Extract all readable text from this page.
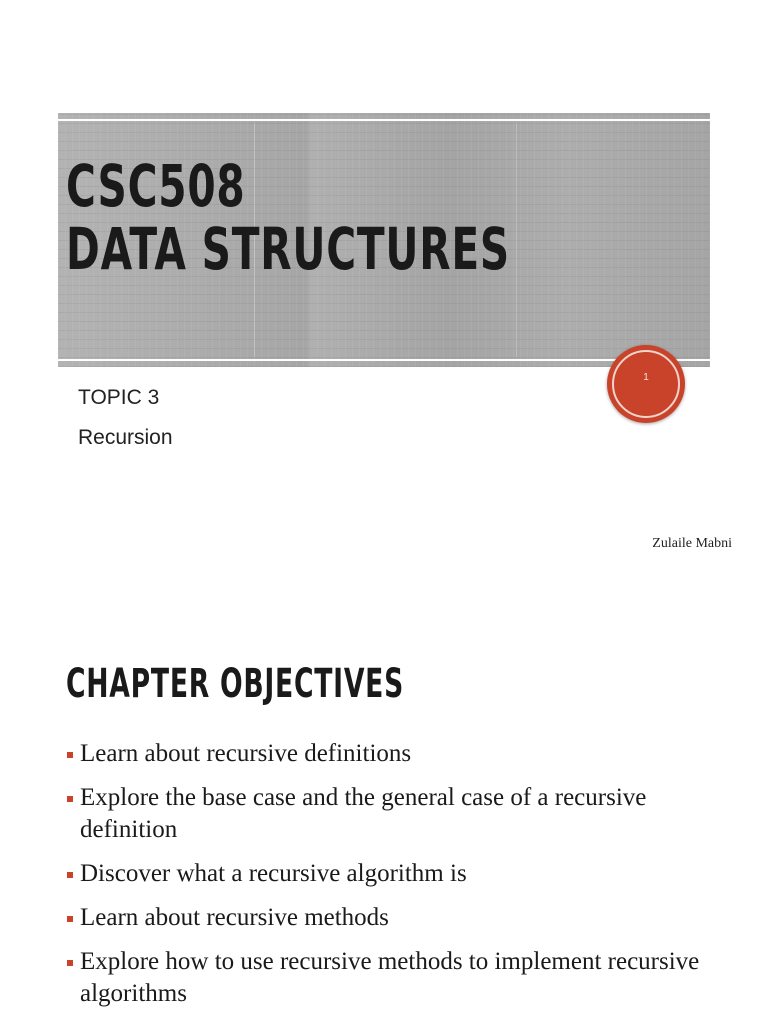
CSC508
DATA STRUCTURES
1

TOPIC 3

Recursion

Zulaile Mabni

CHAPTER OBJECTIVES
Learn about recursive definitions
Explore the base case and the general case of a recursive definition
Discover what a recursive algorithm is
Learn about recursive methods
Explore how to use recursive methods to implement recursive algorithms
